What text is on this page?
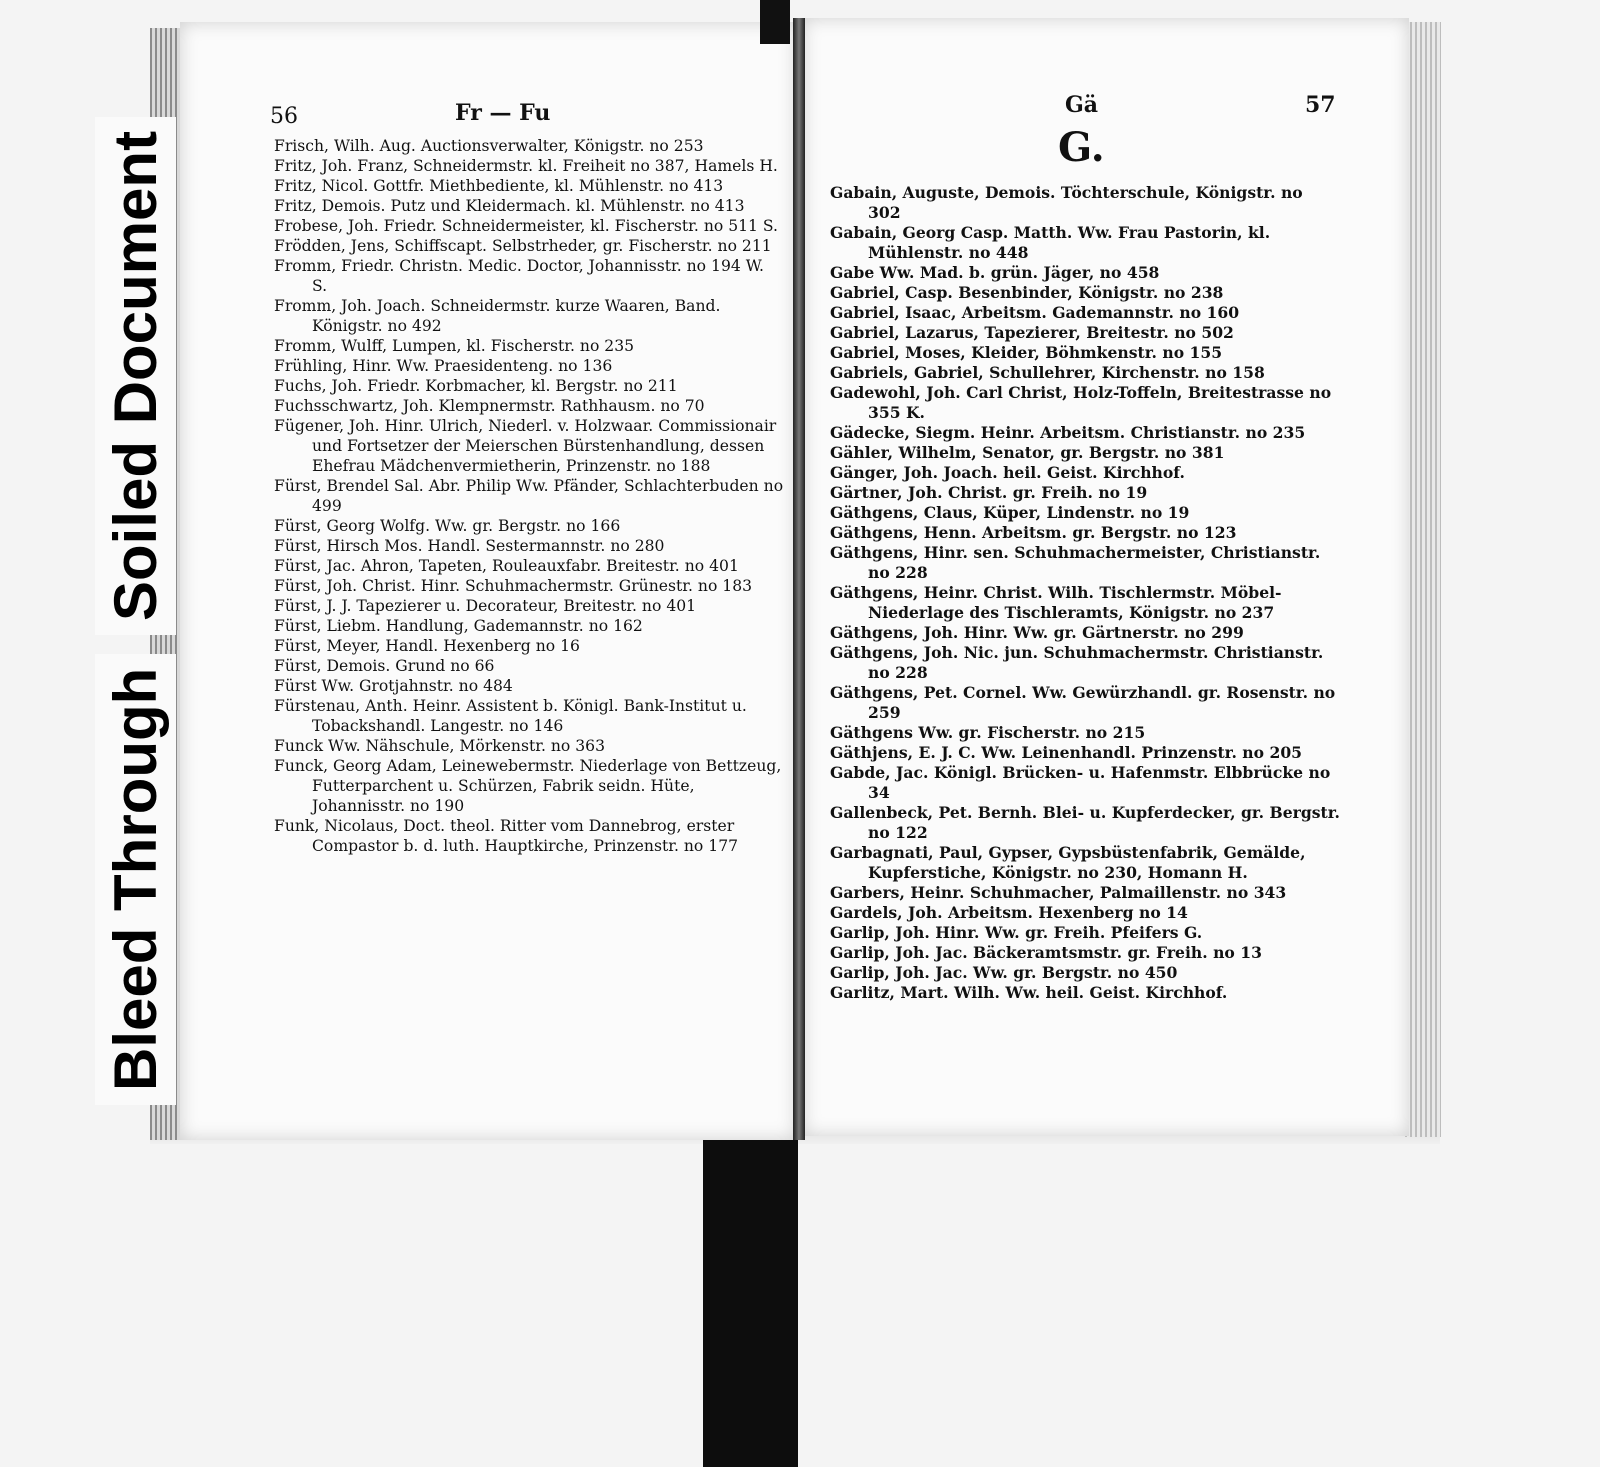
56	Fr — Fu

Frisch, Wilh. Aug. Auctionsverwalter, Königstr. no 253

Fritz, Joh. Franz, Schneidermstr. kl. Freiheit no 387, Hamels H.

Fritz, Nicol. Gottfr. Miethbediente, kl. Mühlenstr. no 413

Fritz, Demois. Putz und Kleidermach. kl. Mühlenstr. no 413

Frobese, Joh. Friedr. Schneidermeister, kl. Fischerstr. no 511 S.

Frödden, Jens, Schiffscapt. Selbstrheder, gr. Fischerstr. no 211

Fromm, Friedr. Christn. Medic. Doctor, Johannisstr. no 194 W. S.

Fromm, Joh. Joach. Schneidermstr. kurze Waaren, Band. Königstr. no 492

Fromm, Wulff, Lumpen, kl. Fischerstr. no 235

Frühling, Hinr. Ww. Praesidenteng. no 136

Fuchs, Joh. Friedr. Korbmacher, kl. Bergstr. no 211

Fuchsschwartz, Joh. Klempnermstr. Rathhausm. no 70

Fügener, Joh. Hinr. Ulrich, Niederl. v. Holzwaar. Commissionair und Fortsetzer der Meierschen Bürstenhandlung, dessen Ehefrau Mädchenvermietherin, Prinzenstr. no 188

Fürst, Brendel Sal. Abr. Philip Ww. Pfänder, Schlachterbuden no 499

Fürst, Georg Wolfg. Ww. gr. Bergstr. no 166

Fürst, Hirsch Mos. Handl. Sestermannstr. no 280

Fürst, Jac. Ahron, Tapeten, Rouleauxfabr. Breitestr. no 401

Fürst, Joh. Christ. Hinr. Schuhmachermstr. Grünestr. no 183

Fürst, J. J. Tapezierer u. Decorateur, Breitestr. no 401

Fürst, Liebm. Handlung, Gademannstr. no 162

Fürst, Meyer, Handl. Hexenberg no 16

Fürst, Demois. Grund no 66

Fürst Ww. Grotjahnstr. no 484

Fürstenau, Anth. Heinr. Assistent b. Königl. Bank-Institut u. Tobackshandl. Langestr. no 146

Funck Ww. Nähschule, Mörkenstr. no 363

Funck, Georg Adam, Leinewebermstr. Niederlage von Bettzeug, Futterparchent u. Schürzen, Fabrik seidn. Hüte, Johannisstr. no 190

Funk, Nicolaus, Doct. theol. Ritter vom Dannebrog, erster Compastor b. d. luth. Hauptkirche, Prinzenstr. no 177

Gä	57
G.

Gabain, Auguste, Demois. Töchterschule, Königstr. no 302

Gabain, Georg Casp. Matth. Ww. Frau Pastorin, kl. Mühlenstr. no 448

Gabe Ww. Mad. b. grün. Jäger, no 458

Gabriel, Casp. Besenbinder, Königstr. no 238

Gabriel, Isaac, Arbeitsm. Gademannstr. no 160

Gabriel, Lazarus, Tapezierer, Breitestr. no 502

Gabriel, Moses, Kleider, Böhmkenstr. no 155

Gabriels, Gabriel, Schullehrer, Kirchenstr. no 158

Gadewohl, Joh. Carl Christ, Holz-Toffeln, Breitestrasse no 355 K.

Gädecke, Siegm. Heinr. Arbeitsm. Christianstr. no 235

Gähler, Wilhelm, Senator, gr. Bergstr. no 381

Gänger, Joh. Joach. heil. Geist. Kirchhof.

Gärtner, Joh. Christ. gr. Freih. no 19

Gäthgens, Claus, Küper, Lindenstr. no 19

Gäthgens, Henn. Arbeitsm. gr. Bergstr. no 123

Gäthgens, Hinr. sen. Schuhmachermeister, Christianstr. no 228

Gäthgens, Heinr. Christ. Wilh. Tischlermstr. Möbel-Niederlage des Tischleramts, Königstr. no 237

Gäthgens, Joh. Hinr. Ww. gr. Gärtnerstr. no 299

Gäthgens, Joh. Nic. jun. Schuhmachermstr. Christianstr. no 228

Gäthgens, Pet. Cornel. Ww. Gewürzhandl. gr. Rosenstr. no 259

Gäthgens Ww. gr. Fischerstr. no 215

Gäthjens, E. J. C. Ww. Leinenhandl. Prinzenstr. no 205

Gabde, Jac. Königl. Brücken- u. Hafenmstr. Elbbrücke no 34

Gallenbeck, Pet. Bernh. Blei- u. Kupferdecker, gr. Bergstr. no 122

Garbagnati, Paul, Gypser, Gypsbüstenfabrik, Gemälde, Kupferstiche, Königstr. no 230, Homann H.

Garbers, Heinr. Schuhmacher, Palmaillenstr. no 343

Gardels, Joh. Arbeitsm. Hexenberg no 14

Garlip, Joh. Hinr. Ww. gr. Freih. Pfeifers G.

Garlip, Joh. Jac. Bäckeramtsmstr. gr. Freih. no 13

Garlip, Joh. Jac. Ww. gr. Bergstr. no 450

Garlitz, Mart. Wilh. Ww. heil. Geist. Kirchhof.

Soiled Document
Bleed Through
